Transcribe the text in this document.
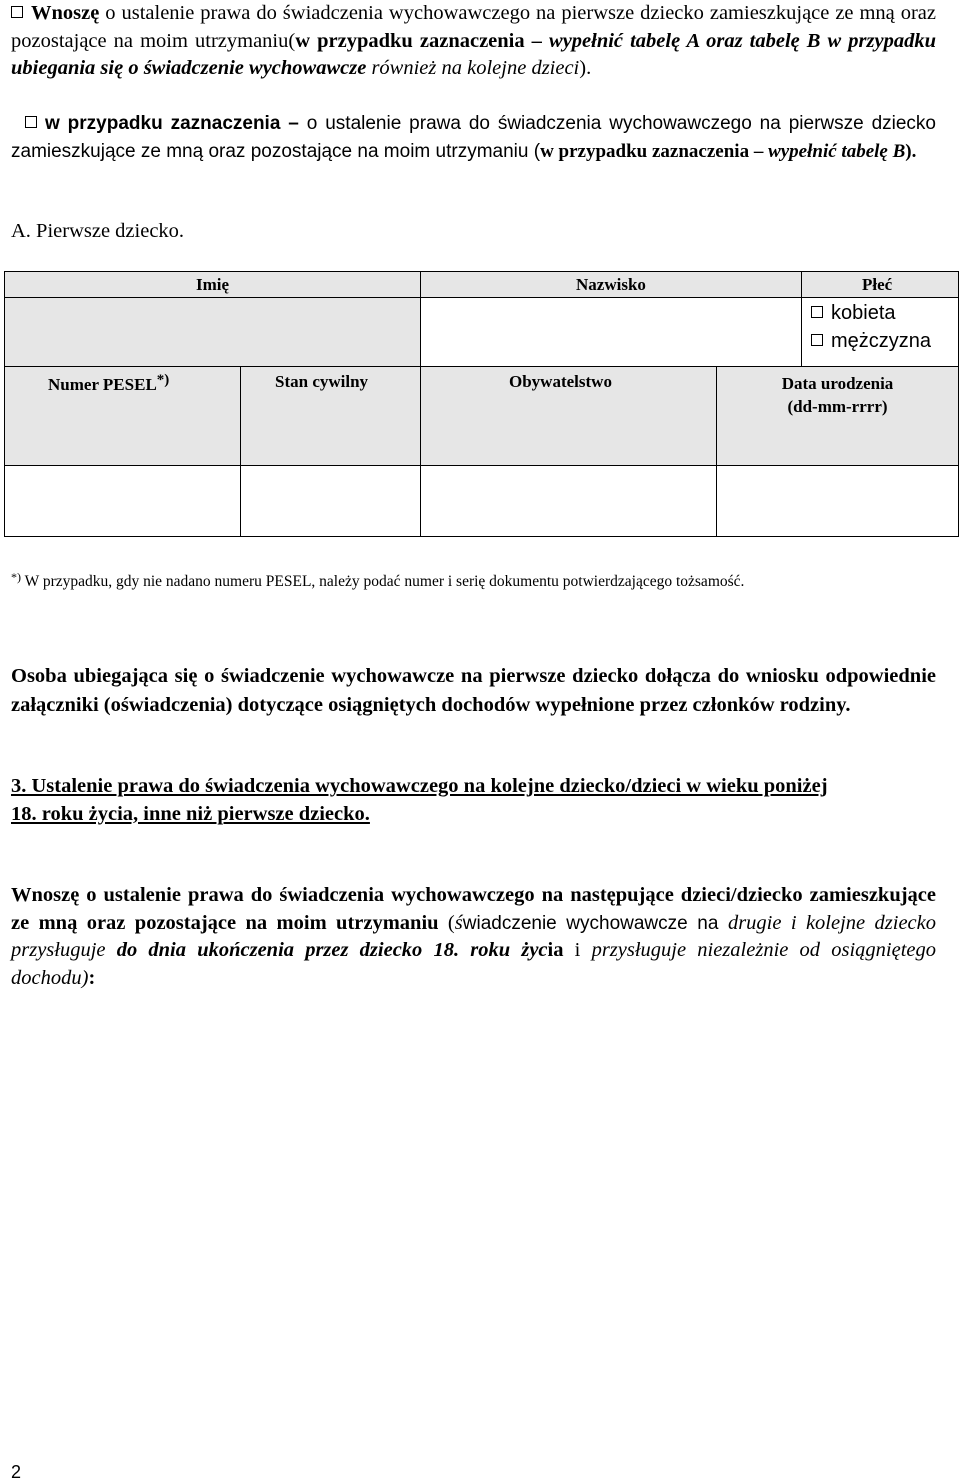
Wnoszę o ustalenie prawa do świadczenia wychowawczego na pierwsze dziecko zamieszkujące ze mną oraz pozostające na moim utrzymaniu(w przypadku zaznaczenia – wypełnić tabelę A oraz tabelę B w przypadku ubiegania się o świadczenie wychowawcze również na kolejne dzieci).
w przypadku zaznaczenia – o ustalenie prawa do świadczenia wychowawczego na pierwsze dziecko zamieszkujące ze mną oraz pozostające na moim utrzymaniu (w przypadku zaznaczenia – wypełnić tabelę B).
A. Pierwsze dziecko.
Imię	Nazwisko	Płeć
kobieta
mężczyzna
Numer PESEL*)	Stan cywilny	Obywatelstwo	Data urodzenia
(dd-mm-rrrr)
*) W przypadku, gdy nie nadano numeru PESEL, należy podać numer i serię dokumentu potwierdzającego tożsamość.
Osoba ubiegająca się o świadczenie wychowawcze na pierwsze dziecko dołącza do wniosku odpowiednie załączniki (oświadczenia) dotyczące osiągniętych dochodów wypełnione przez członków rodziny.
3. Ustalenie prawa do świadczenia wychowawczego na kolejne dziecko/dzieci w wieku poniżej
18. roku życia, inne niż pierwsze dziecko.
Wnoszę o ustalenie prawa do świadczenia wychowawczego na następujące dzieci/dziecko zamieszkujące ze mną oraz pozostające na moim utrzymaniu (świadczenie wychowawcze na drugie i kolejne dziecko przysługuje do dnia ukończenia przez dziecko 18. roku życia i przysługuje niezależnie od osiągniętego dochodu):
2
